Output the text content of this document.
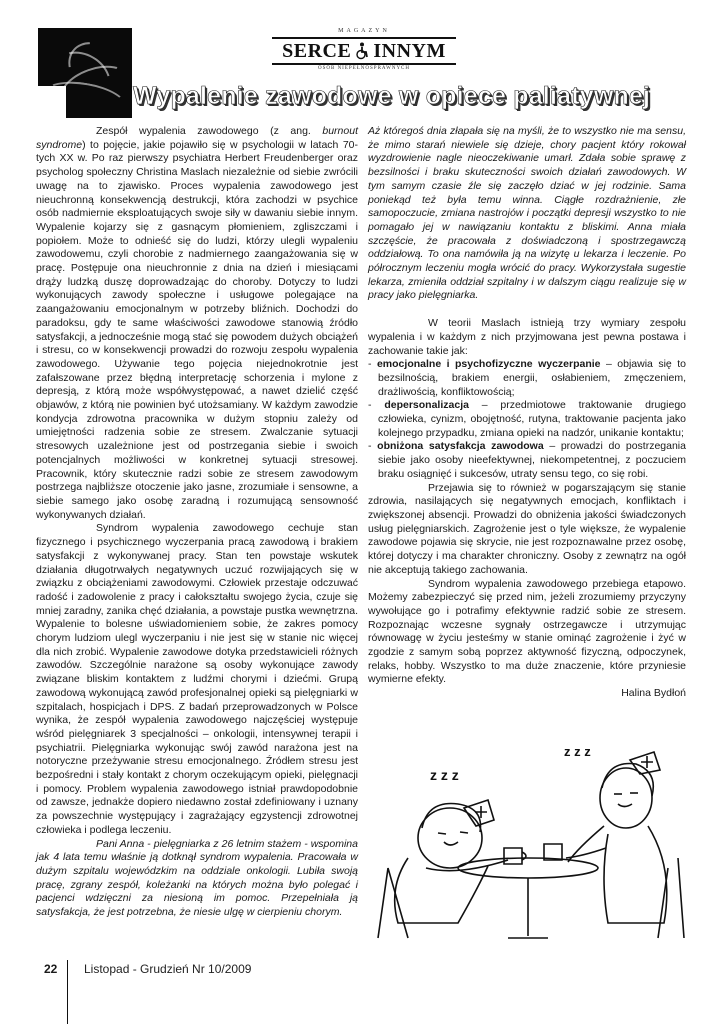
MAGAZYN
SERCE INNYM
OSÓB NIEPEŁNOSPRAWNYCH
Wypalenie zawodowe w opiece paliatywnej

Zespół wypalenia zawodowego (z ang. burnout syndrome) to pojęcie, jakie pojawiło się w psychologii w latach 70-tych XX w. Po raz pierwszy psychiatra Herbert Freudenberger oraz psycholog społeczny Christina Maslach niezależnie od siebie zwrócili uwagę na to zjawisko. Proces wypalenia zawodowego jest nieuchronną konsekwencją destrukcji, która zachodzi w psychice osób nadmiernie eksploatujących swoje siły w dawaniu siebie innym. Wypalenie kojarzy się z gasnącym płomieniem, zgliszczami i popiołem. Może to odnieść się do ludzi, którzy ulegli wypaleniu zawodowemu, czyli chorobie z nadmiernego zaangażowania się w pracę. Postępuje ona nieuchronnie z dnia na dzień i miesiącami drąży ludzką duszę doprowadzając do choroby. Dotyczy to ludzi wykonujących zawody społeczne i usługowe polegające na zaangażowaniu emocjonalnym w potrzeby bliźnich. Dochodzi do paradoksu, gdy te same właściwości zawodowe stanowią źródło satysfakcji, a jednocześnie mogą stać się powodem dużych obciążeń i stresu, co w konsekwencji prowadzi do rozwoju zespołu wypalenia zawodowego. Używanie tego pojęcia niejednokrotnie jest zafałszowane przez błędną interpretację schorzenia i mylone z depresją, z którą może współwystępować, a nawet dzielić część objawów, z którą nie powinien być utożsamiany. W każdym zawodzie kondycja zdrowotna pracownika w dużym stopniu zależy od umiejętności radzenia sobie ze stresem. Zwalczanie sytuacji stresowych uzależnione jest od postrzegania siebie i swoich potencjalnych możliwości w konkretnej sytuacji stresowej. Pracownik, który skutecznie radzi sobie ze stresem zawodowym postrzega najbliższe otoczenie jako jasne, zrozumiałe i sensowne, a siebie samego jako osobę zaradną i rozumującą sensowność wykonywanych działań.

Syndrom wypalenia zawodowego cechuje stan fizycznego i psychicznego wyczerpania pracą zawodową i brakiem satysfakcji z wykonywanej pracy. Stan ten powstaje wskutek działania długotrwałych negatywnych uczuć rozwijających się w związku z obciążeniami zawodowymi. Człowiek przestaje odczuwać radość i zadowolenie z pracy i całokształtu swojego życia, czuje się mniej zaradny, zanika chęć działania, a powstaje pustka wewnętrzna. Wypalenie to bolesne uświadomieniem sobie, że zakres pomocy chorym ludziom ulegl wyczerpaniu i nie jest się w stanie nic więcej dla nich zrobić. Wypalenie zawodowe dotyka przedstawicieli różnych zawodów. Szczególnie narażone są osoby wykonujące zawody związane bliskim kontaktem z ludźmi chorymi i dziećmi. Grupą zawodową wykonującą zawód profesjonalnej opieki są pielęgniarki w szpitalach, hospicjach i DPS. Z badań przeprowadzonych w Polsce wynika, że zespół wypalenia zawodowego najczęściej występuje wśród pielęgniarek 3 specjalności – onkologii, intensywnej terapii i psychiatrii. Pielęgniarka wykonując swój zawód narażona jest na notoryczne przeżywanie stresu emocjonalnego. Źródłem stresu jest bezpośredni i stały kontakt z chorym oczekującym opieki, pielęgnacji i pomocy. Problem wypalenia zawodowego istniał prawdopodobnie od zawsze, jednakże dopiero niedawno został zdefiniowany i uznany za powszechnie występujący i zagrażający egzystencji zdrowotnej człowieka i podlega leczeniu.

Pani Anna - pielęgniarka z 26 letnim stażem - wspomina jak 4 lata temu właśnie ją dotknął syndrom wypalenia. Pracowała w dużym szpitalu wojewódzkim na oddziale onkologii. Lubiła swoją pracę, zgrany zespół, koleżanki na których można było polegać i pacjenci wdzięczni za niesioną im pomoc. Przepełniała ją satysfakcja, że jest potrzebna, że niesie ulgę w cierpieniu chorym.

Aż któregoś dnia złapała się na myśli, że to wszystko nie ma sensu, że mimo starań niewiele się dzieje, chory pacjent który rokował wyzdrowienie nagle nieoczekiwanie umarł. Zdała sobie sprawę z bezsilności i braku skuteczności swoich działań zawodowych. W tym samym czasie źle się zaczęło dziać w jej rodzinie. Sama poniekąd też była temu winna. Ciągłe rozdrażnienie, złe samopoczucie, zmiana nastrojów i początki depresji wszystko to nie pomagało jej w nawiązaniu kontaktu z bliskimi. Anna miała szczęście, że pracowała z doświadczoną i spostrzegawczą oddziałową. To ona namówiła ją na wizytę u lekarza i leczenie. Po półrocznym leczeniu mogła wrócić do pracy. Wykorzystała sugestie lekarza, zmieniła oddział szpitalny i w dalszym ciągu realizuje się w pracy jako pielęgniarka.

W teorii Maslach istnieją trzy wymiary zespołu wypalenia i w każdym z nich przyjmowana jest pewna postawa i zachowanie takie jak:

- emocjonalne i psychofizyczne wyczerpanie – objawia się to bezsilnością, brakiem energii, osłabieniem, zmęczeniem, drażliwością, konfliktowością;

- depersonalizacja – przedmiotowe traktowanie drugiego człowieka, cynizm, obojętność, rutyna, traktowanie pacjenta jako kolejnego przypadku, zmiana opieki na nadzór, unikanie kontaktu;

- obniżona satysfakcja zawodowa – prowadzi do postrzegania siebie jako osoby nieefektywnej, niekompetentnej, z poczuciem braku osiągnięć i sukcesów, utraty sensu tego, co się robi.

Przejawia się to również w pogarszającym się stanie zdrowia, nasilających się negatywnych emocjach, konfliktach i zwiększonej absencji. Prowadzi do obniżenia jakości świadczonych usług pielęgniarskich. Zagrożenie jest o tyle większe, że wypalenie zawodowe pojawia się skrycie, nie jest rozpoznawalne przez osobę, której dotyczy i ma charakter chroniczny. Osoby z zewnątrz na ogół nie akceptują takiego zachowania.

Syndrom wypalenia zawodowego przebiega etapowo. Możemy zabezpieczyć się przed nim, jeżeli zrozumiemy przyczyny wywołujące go i potrafimy efektywnie radzić sobie ze stresem. Rozpoznając wczesne sygnały ostrzegawcze i utrzymując równowagę w życiu jesteśmy w stanie ominąć zagrożenie i żyć w zgodzie z samym sobą poprzez aktywność fizyczną, odpoczynek, relaks, hobby. Wszystko to ma duże znaczenie, które przyniesie wymierne efekty.

Halina Bydłoń

z z z
z z z
22 Listopad - Grudzień Nr 10/2009
